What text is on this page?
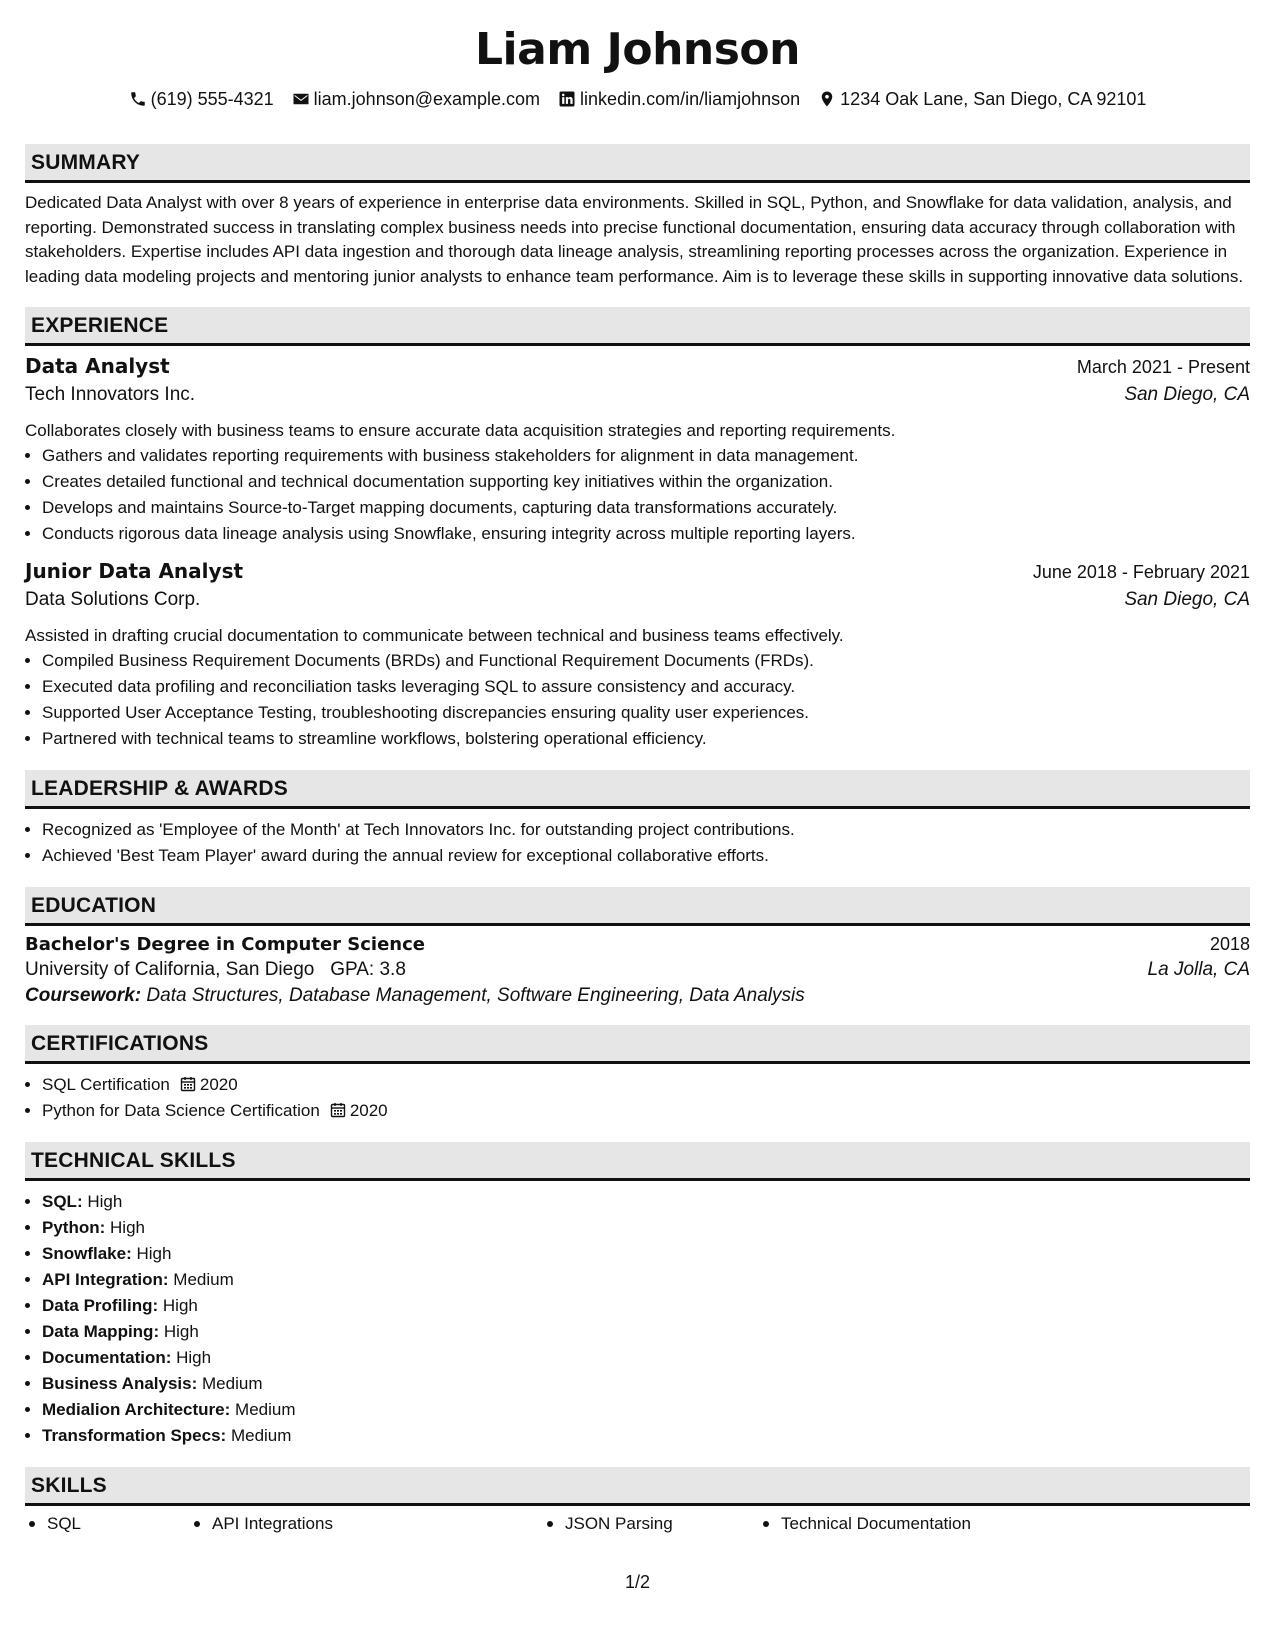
Liam Johnson
(619) 555-4321 liam.johnson@example.com linkedin.com/in/liamjohnson 1234 Oak Lane, San Diego, CA 92101
SUMMARY
Dedicated Data Analyst with over 8 years of experience in enterprise data environments. Skilled in SQL, Python, and Snowflake for data validation, analysis, and reporting. Demonstrated success in translating complex business needs into precise functional documentation, ensuring data accuracy through collaboration with stakeholders. Expertise includes API data ingestion and thorough data lineage analysis, streamlining reporting processes across the organization. Experience in leading data modeling projects and mentoring junior analysts to enhance team performance. Aim is to leverage these skills in supporting innovative data solutions.
EXPERIENCE
Data Analyst	March 2021 - Present
Tech Innovators Inc.	San Diego, CA
Collaborates closely with business teams to ensure accurate data acquisition strategies and reporting requirements.
• Gathers and validates reporting requirements with business stakeholders for alignment in data management.
• Creates detailed functional and technical documentation supporting key initiatives within the organization.
• Develops and maintains Source-to-Target mapping documents, capturing data transformations accurately.
• Conducts rigorous data lineage analysis using Snowflake, ensuring integrity across multiple reporting layers.
Junior Data Analyst	June 2018 - February 2021
Data Solutions Corp.	San Diego, CA
Assisted in drafting crucial documentation to communicate between technical and business teams effectively.
• Compiled Business Requirement Documents (BRDs) and Functional Requirement Documents (FRDs).
• Executed data profiling and reconciliation tasks leveraging SQL to assure consistency and accuracy.
• Supported User Acceptance Testing, troubleshooting discrepancies ensuring quality user experiences.
• Partnered with technical teams to streamline workflows, bolstering operational efficiency.
LEADERSHIP & AWARDS
• Recognized as 'Employee of the Month' at Tech Innovators Inc. for outstanding project contributions.
• Achieved 'Best Team Player' award during the annual review for exceptional collaborative efforts.
EDUCATION
Bachelor's Degree in Computer Science	2018
University of California, San Diego GPA: 3.8	La Jolla, CA
Coursework: Data Structures, Database Management, Software Engineering, Data Analysis
CERTIFICATIONS
• SQL Certification 2020
• Python for Data Science Certification 2020
TECHNICAL SKILLS
• SQL: High
• Python: High
• Snowflake: High
• API Integration: Medium
• Data Profiling: High
• Data Mapping: High
• Documentation: High
• Business Analysis: Medium
• Medialion Architecture: Medium
• Transformation Specs: Medium
SKILLS
SQL	API Integrations	JSON Parsing	Technical Documentation
1/2
